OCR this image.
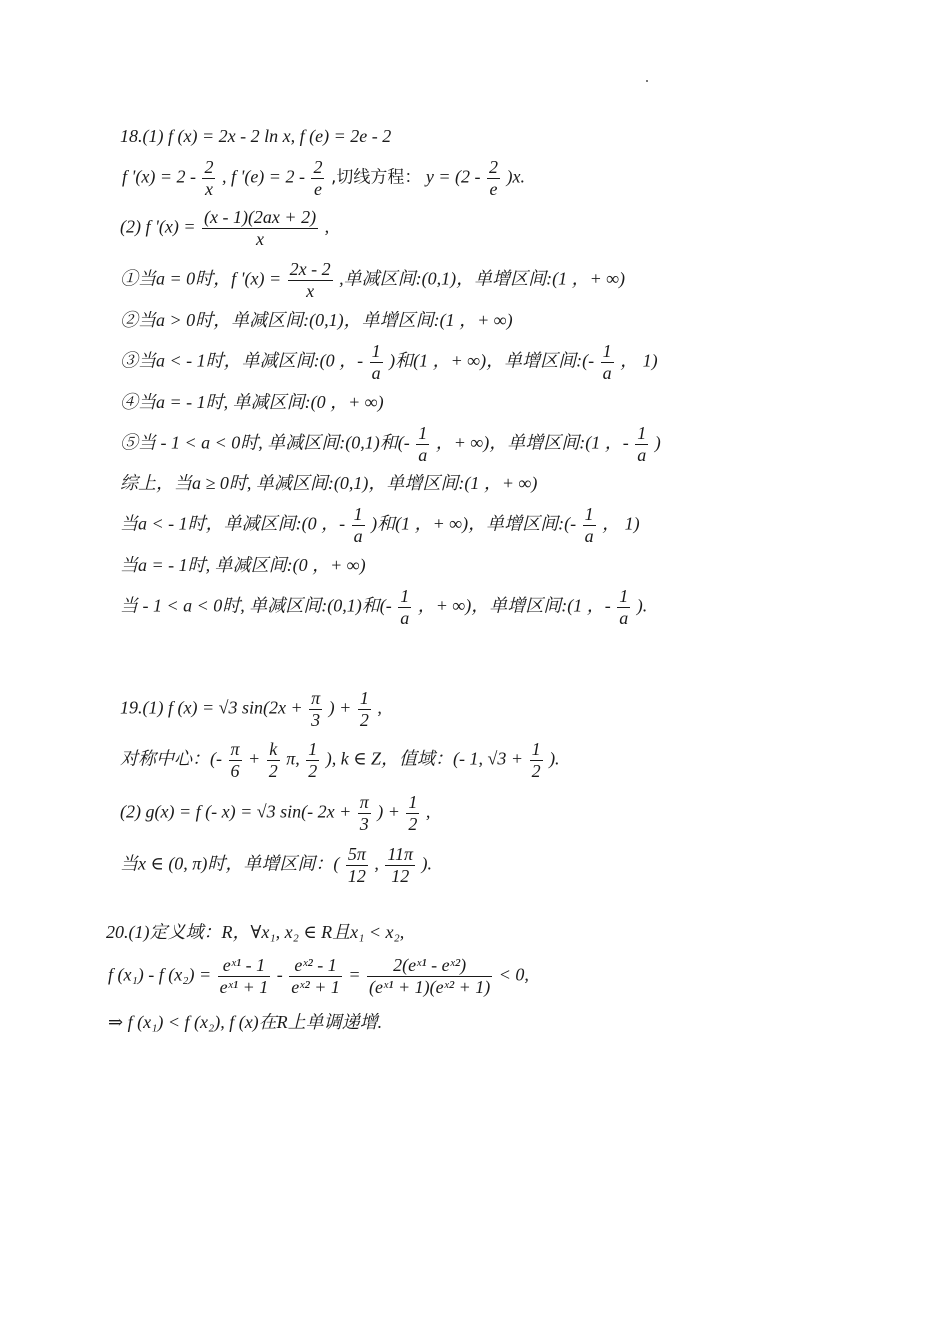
18.(1) f (x) = 2x - 2 ln x, f (e) = 2e - 2
f '$(x) = 2 - \frac{2}{x}$ , f '$(e) = 2 - \frac{2}{e}$ ,切线方程： $y = (2 - \frac{2}{e} )x$.
(2) f '$(x) = \frac{(x - 1)(2ax + 2)}{x}$ ,
①当a = 0时，f '$(x) = \frac{2x - 2}{x}$ ,单减区间:(0,1)，单增区间:(1 ，+ ∞)
②当a > 0时，单减区间:(0,1)，单增区间:(1 ，+ ∞)
③当a < - 1时，单减区间:(0 ，- $\frac{1}{a}$ )和(1 ，+ ∞)，单增区间:(- $\frac{1}{a}$ ， 1)
④当a = - 1时, 单减区间:(0 ，+ ∞)
⑤当 - 1 < a < 0时, 单减区间:(0,1)和(- $\frac{1}{a}$ ，+ ∞)，单增区间:(1 ，- $\frac{1}{a}$ )
综上，当a ≥ 0时, 单减区间:(0,1)，单增区间:(1 ，+ ∞)
当a < - 1时，单减区间:(0 ，- $\frac{1}{a}$ )和(1 ，+ ∞)，单增区间:(- $\frac{1}{a}$ ， 1)
当a = - 1时, 单减区间:(0 ，+ ∞)
当 - 1 < a < 0时, 单减区间:(0,1)和(- $\frac{1}{a}$ ，+ ∞)，单增区间:(1 ，- $\frac{1}{a}$ ).
19.(1) f (x) = √3 $\sin(2x + \frac{\pi}{3}$ ) + $\frac{1}{2}$ ,
对称中心：(- $\frac{\pi}{6} + \frac{k}{2} \pi$, $\frac{1}{2}$ ), k ∈ Z，值域：(- 1, $√3 + \frac{1}{2}$ ).
(2) g(x) = f (- x) = √3 sin(- $2x + \frac{\pi}{3}$ ) + $\frac{1}{2}$ ,
当x ∈ (0, π)时，单增区间：( $\frac{5\pi}{12}$ , $\frac{11\pi}{12}$ ).
20.(1)定义域：R，∀x₁, x₂ ∈ R且x₁ < x₂,
f (x₁) - f $(x_2) = \frac{\text{eˣ¹ - 1}}{\text{eˣ¹ + 1}} - \frac{\text{eˣ² - 1}}{\text{eˣ² + 1}} = \frac{\text{2(eˣ¹ - eˣ²)}}{\text{(eˣ¹ + 1)(eˣ² + 1)}} < 0$,
⇒ f (x₁) < f (x₂), f (x)在R上单调递增.
